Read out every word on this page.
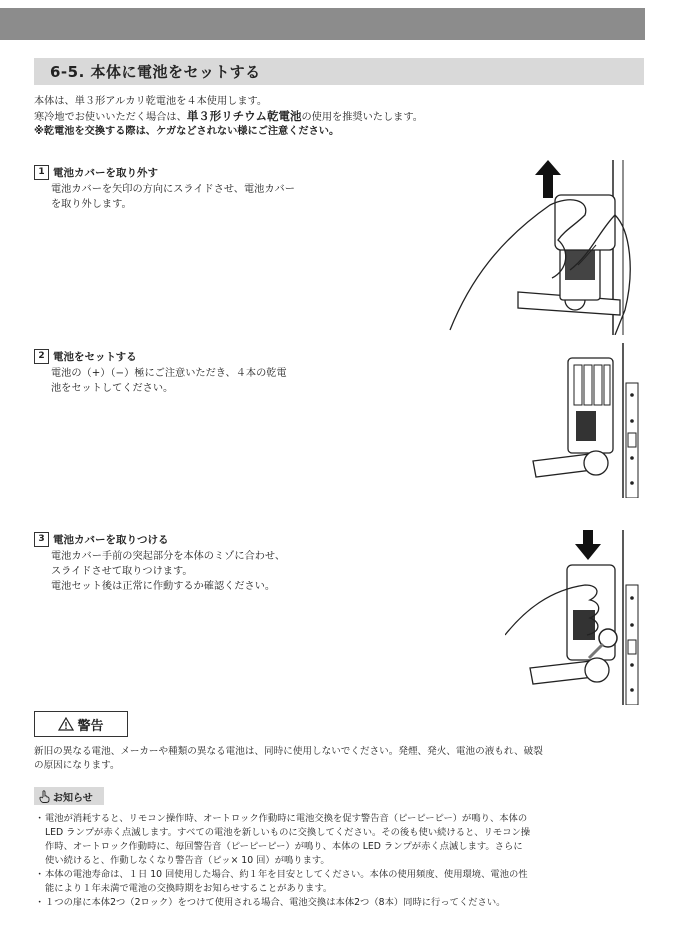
6-5. 本体に電池をセットする
本体は、単３形アルカリ乾電池を４本使用します。
寒冷地でお使いいただく場合は、単３形リチウム乾電池の使用を推奨いたします。
※乾電池を交換する際は、ケガなどされない様にご注意ください。
1 電池カバーを取り外す
電池カバーを矢印の方向にスライドさせ、電池カバー
を取り外します。
2 電池をセットする
電池の（+）（−）極にご注意いただき、４本の乾電
池をセットしてください。
3 電池カバーを取りつける
電池カバー手前の突起部分を本体のミゾに合わせ、
スライドさせて取りつけます。
電池セット後は正常に作動するか確認ください。
警告
新旧の異なる電池、メーカーや種類の異なる電池は、同時に使用しないでください。発煙、発火、電池の液もれ、破裂
の原因になります。
お知らせ
・ 電池が消耗すると、リモコン操作時、オートロック作動時に電池交換を促す警告音（ピーピーピー）が鳴り、本体の
LED ランプが赤く点滅します。すべての電池を新しいものに交換してください。その後も使い続けると、リモコン操
作時、オートロック作動時に、毎回警告音（ピーピーピー）が鳴り、本体の LED ランプが赤く点滅します。さらに
使い続けると、作動しなくなり警告音（ピッ× 10 回）が鳴ります。
・ 本体の電池寿命は、１日 10 回使用した場合、約１年を目安としてください。本体の使用頻度、使用環境、電池の性
能により１年未満で電池の交換時期をお知らせすることがあります。
・ １つの扉に本体2つ（2ロック）をつけて使用される場合、電池交換は本体2つ（8本）同時に行ってください。
